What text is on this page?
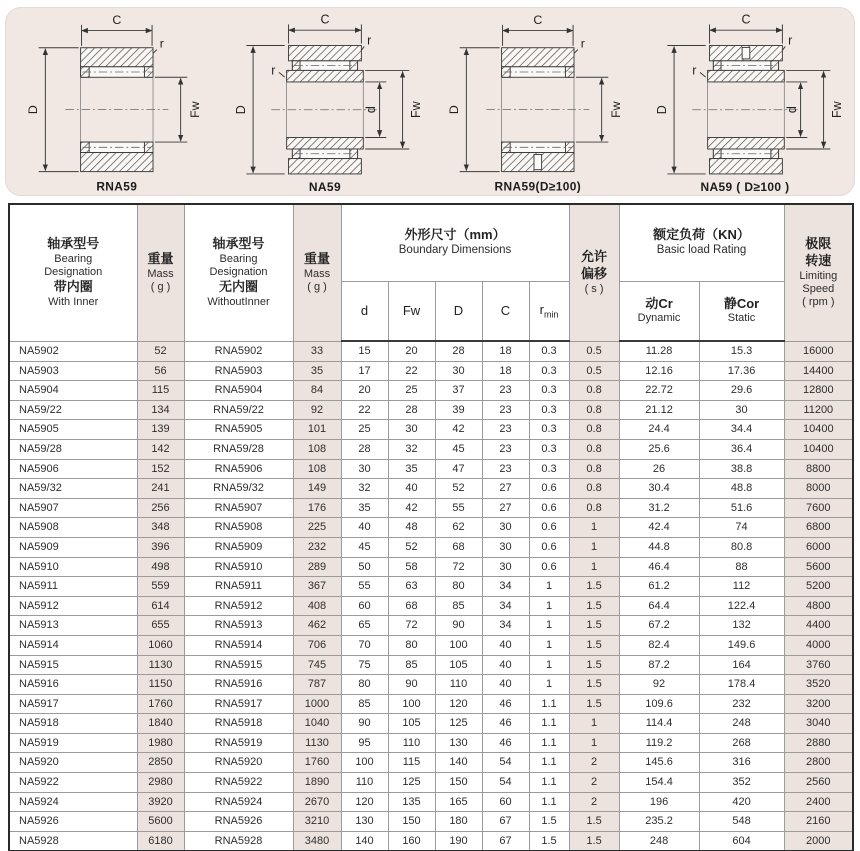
C
r
D	Fw
RNA59
C
r
r
D	d Fw
NA59
C
r
D	Fw
RNA59(D≥100)
C
r
r
D	d Fw
NA59 ( D≥100 )
轴承型号
Bearing
Designation
带内圈
With Inner	重量
Mass
( g )	轴承型号
Bearing
Designation
无内圈
WithoutInner	重量
Mass
( g )	外形尺寸（mm）
Boundary Dimensions					允许
偏移
( s )	额定负荷（KN）
Basic load Rating		极限
转速
Limiting
Speed
( rpm )

				d	Fw	D	C	$r_{min}$		动Cr
Dynamic	静Cor
Static	

NA5902	52	RNA5902	33	15	20	28	18	0.3	0.5	11.28	15.3	16000
NA5903	56	RNA5903	35	17	22	30	18	0.3	0.5	12.16	17.36	14400
NA5904	115	RNA5904	84	20	25	37	23	0.3	0.8	22.72	29.6	12800
NA59/22	134	RNA59/22	92	22	28	39	23	0.3	0.8	21.12	30	11200
NA5905	139	RNA5905	101	25	30	42	23	0.3	0.8	24.4	34.4	10400
NA59/28	142	RNA59/28	108	28	32	45	23	0.3	0.8	25.6	36.4	10400
NA5906	152	RNA5906	108	30	35	47	23	0.3	0.8	26	38.8	8800
NA59/32	241	RNA59/32	149	32	40	52	27	0.6	0.8	30.4	48.8	8000
NA5907	256	RNA5907	176	35	42	55	27	0.6	0.8	31.2	51.6	7600
NA5908	348	RNA5908	225	40	48	62	30	0.6	1	42.4	74	6800
NA5909	396	RNA5909	232	45	52	68	30	0.6	1	44.8	80.8	6000
NA5910	498	RNA5910	289	50	58	72	30	0.6	1	46.4	88	5600
NA5911	559	RNA5911	367	55	63	80	34	1	1.5	61.2	112	5200
NA5912	614	RNA5912	408	60	68	85	34	1	1.5	64.4	122.4	4800
NA5913	655	RNA5913	462	65	72	90	34	1	1.5	67.2	132	4400
NA5914	1060	RNA5914	706	70	80	100	40	1	1.5	82.4	149.6	4000
NA5915	1130	RNA5915	745	75	85	105	40	1	1.5	87.2	164	3760
NA5916	1150	RNA5916	787	80	90	110	40	1	1.5	92	178.4	3520
NA5917	1760	RNA5917	1000	85	100	120	46	1.1	1.5	109.6	232	3200
NA5918	1840	RNA5918	1040	90	105	125	46	1.1	1	114.4	248	3040
NA5919	1980	RNA5919	1130	95	110	130	46	1.1	1	119.2	268	2880
NA5920	2850	RNA5920	1760	100	115	140	54	1.1	2	145.6	316	2800
NA5922	2980	RNA5922	1890	110	125	150	54	1.1	2	154.4	352	2560
NA5924	3920	RNA5924	2670	120	135	165	60	1.1	2	196	420	2400
NA5926	5600	RNA5926	3210	130	150	180	67	1.5	1.5	235.2	548	2160
NA5928	6180	RNA5928	3480	140	160	190	67	1.5	1.5	248	604	2000
